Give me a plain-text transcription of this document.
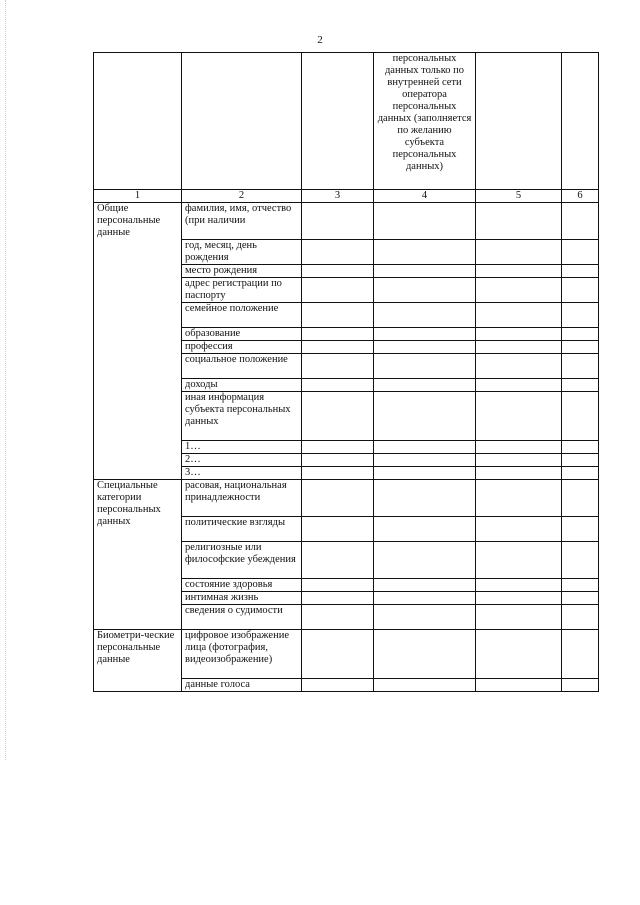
2
			персональных данных только по внутренней сети оператора персональных данных (заполняется по желанию субъекта персональных данных)		
1	2	3	4	5	6
Общие персональные данные	фамилия, имя, отчество (при наличии				
	год, месяц, день рождения				
	место рождения				
	адрес регистрации по паспорту				
	семейное положение				
	образование				
	профессия				
	социальное положение				
	доходы				
	иная информация субъекта персональных данных				
	1…				
	2…				
	3…				
Специальные категории персональных данных	расовая, национальная принадлежности				
	политические взгляды				
	религиозные или философские убеждения				
	состояние здоровья				
	интимная жизнь				
	сведения о судимости				
Биометри-ческие персональные данные	цифровое изображение лица (фотография, видеоизображение)				
	данные голоса				
